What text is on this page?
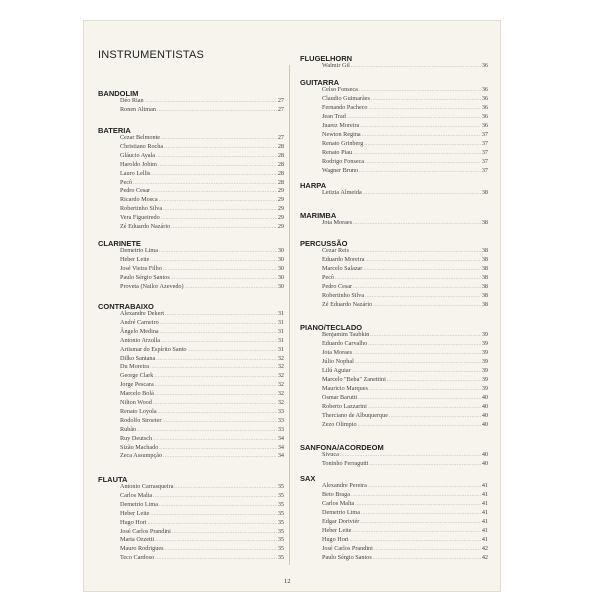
INSTRUMENTISTAS
BANDOLIM
Déo Rian .....	27
Ronen Altman .....	27
BATERIA
Cezar Belmonte .....	27
Christiano Rocha .....	28
Gláucio Ayala .....	28
Haroldo Jobim .....	28
Lauro Lellis .....	28
Pecô .....	28
Pedro Cesar .....	29
Ricardo Mosca .....	29
Robertinho Silva .....	29
Vera Figueiredo .....	29
Zé Eduardo Nazário .....	29
CLARINETE
Demetrio Lima .....	30
Heber Leite .....	30
José Vieira Filho .....	30
Paulo Sérgio Santos .....	30
Proveta (Nailor Azevedo) .....	30
CONTRABAIXO
Alexandre Dekert .....	31
André Carneiro .....	31
Ângelo Medina .....	31
Antonio Arzolla .....	31
Artismar do Espírito Santo .....	31
Dilko Santana .....	32
Du Moreira .....	32
George Clark .....	32
Jorge Pescara .....	32
Marcelo Bolá .....	32
Nilton Wood .....	32
Renato Loyola .....	33
Rodolfo Stroeter .....	33
Rubão .....	33
Ruy Deutsch .....	34
Sizão Machado .....	34
Zeca Assumpção .....	34
FLAUTA
Antonio Carrasqueira .....	35
Carlos Malta .....	35
Demetrio Lima .....	35
Heber Leite .....	35
Hugo Hori .....	35
José Carlos Prandini .....	35
Marta Ozzetti .....	35
Mauro Rodrigues .....	35
Teco Cardoso .....	35
FLUGELHORN
Walmir Gil .....	36
GUITARRA
Celso Fonseca .....	36
Claudio Guimarães .....	36
Fernando Pacheco .....	36
Jean Trad .....	36
Juarez Moreira .....	36
Newton Regina .....	37
Renato Grinberg .....	37
Renato Piau .....	37
Rodrigo Fonseca .....	37
Wagner Bruno .....	37
HARPA
Letizia Almeida .....	38
MARIMBA
Jota Moraes .....	38
PERCUSSÃO
Cezar Reis .....	38
Eduardo Moreira .....	38
Marcelo Salazar .....	38
Pecô .....	38
Pedro Cesar .....	38
Robertinho Silva .....	38
Zé Eduardo Nazário .....	38
PIANO/TECLADO
Benjamim Taubkin .....	39
Eduardo Carvalho .....	39
Jota Moraes .....	39
Júlio Nophal .....	39
Lilú Aguiar .....	39
Marcelo "Beba" Zanettini .....	39
Mauricio Marques .....	39
Osmar Barutti .....	40
Roberto Lazzarini .....	40
Therciano de Albuquerque .....	40
Zezo Olimpio .....	40
SANFONA/ACORDEOM
Sivuca .....	40
Toninho Ferragutti .....	40
SAX
Alexandre Pereira .....	41
Beto Braga .....	41
Carlos Malta .....	41
Demetrio Lima .....	41
Edgar Doriviér .....	41
Heber Leite .....	41
Hugo Hori .....	41
José Carlos Prandini .....	42
Paulo Sérgio Santos .....	42
12
